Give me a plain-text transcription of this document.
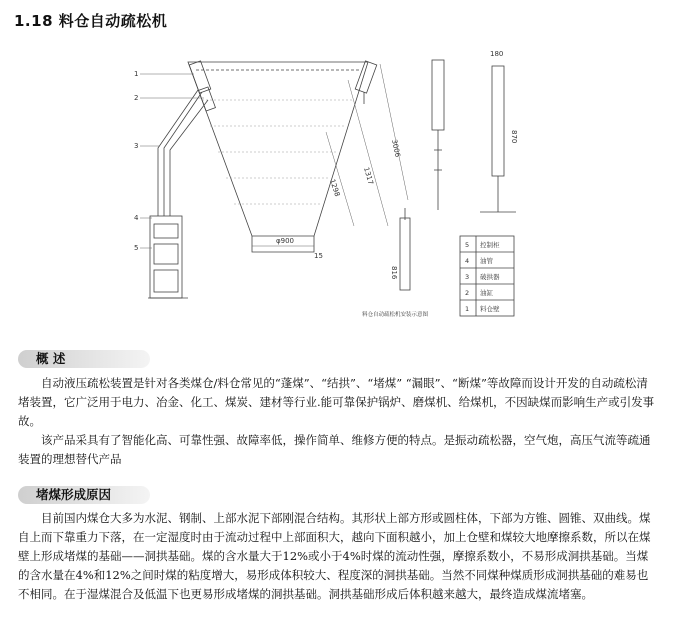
1.18 料仓自动疏松机
1
2
3
4
5
φ900
1298
1317
3006
180
870
816
15
5 控制柜
4 油管
3 破拱器
2 油缸
1 料仓壁
料仓自动疏松机安装示意图
概 述

自动液压疏松装置是针对各类煤仓/料仓常见的“蓬煤”、“结拱”、“堵煤” “漏眼”、“断煤”等故障而设计开发的自动疏松清堵装置，它广泛用于电力、冶金、化工、煤炭、建材等行业.能可靠保护锅炉、磨煤机、给煤机，不因缺煤而影响生产或引发事故。

该产品采具有了智能化高、可靠性强、故障率低，操作简单、维修方便的特点。是振动疏松器，空气炮，高压气流等疏通装置的理想替代产品

堵煤形成原因

目前国内煤仓大多为水泥、钢制、上部水泥下部刚混合结构。其形状上部方形或圆柱体，下部为方锥、圆锥、双曲线。煤自上而下靠重力下落，在一定湿度时由于流动过程中上部面积大，越向下面积越小，加上仓壁和煤较大地摩擦系数，所以在煤壁上形成堵煤的基础——洞拱基础。煤的含水量大于12%或小于4%时煤的流动性强，摩擦系数小，不易形成洞拱基础。当煤的含水量在4%和12%之间时煤的粘度增大，易形成体积较大、程度深的洞拱基础。当然不同煤种煤质形成洞拱基础的难易也不相同。在于湿煤混合及低温下也更易形成堵煤的洞拱基础。洞拱基础形成后体积越来越大，最终造成煤流堵塞。
